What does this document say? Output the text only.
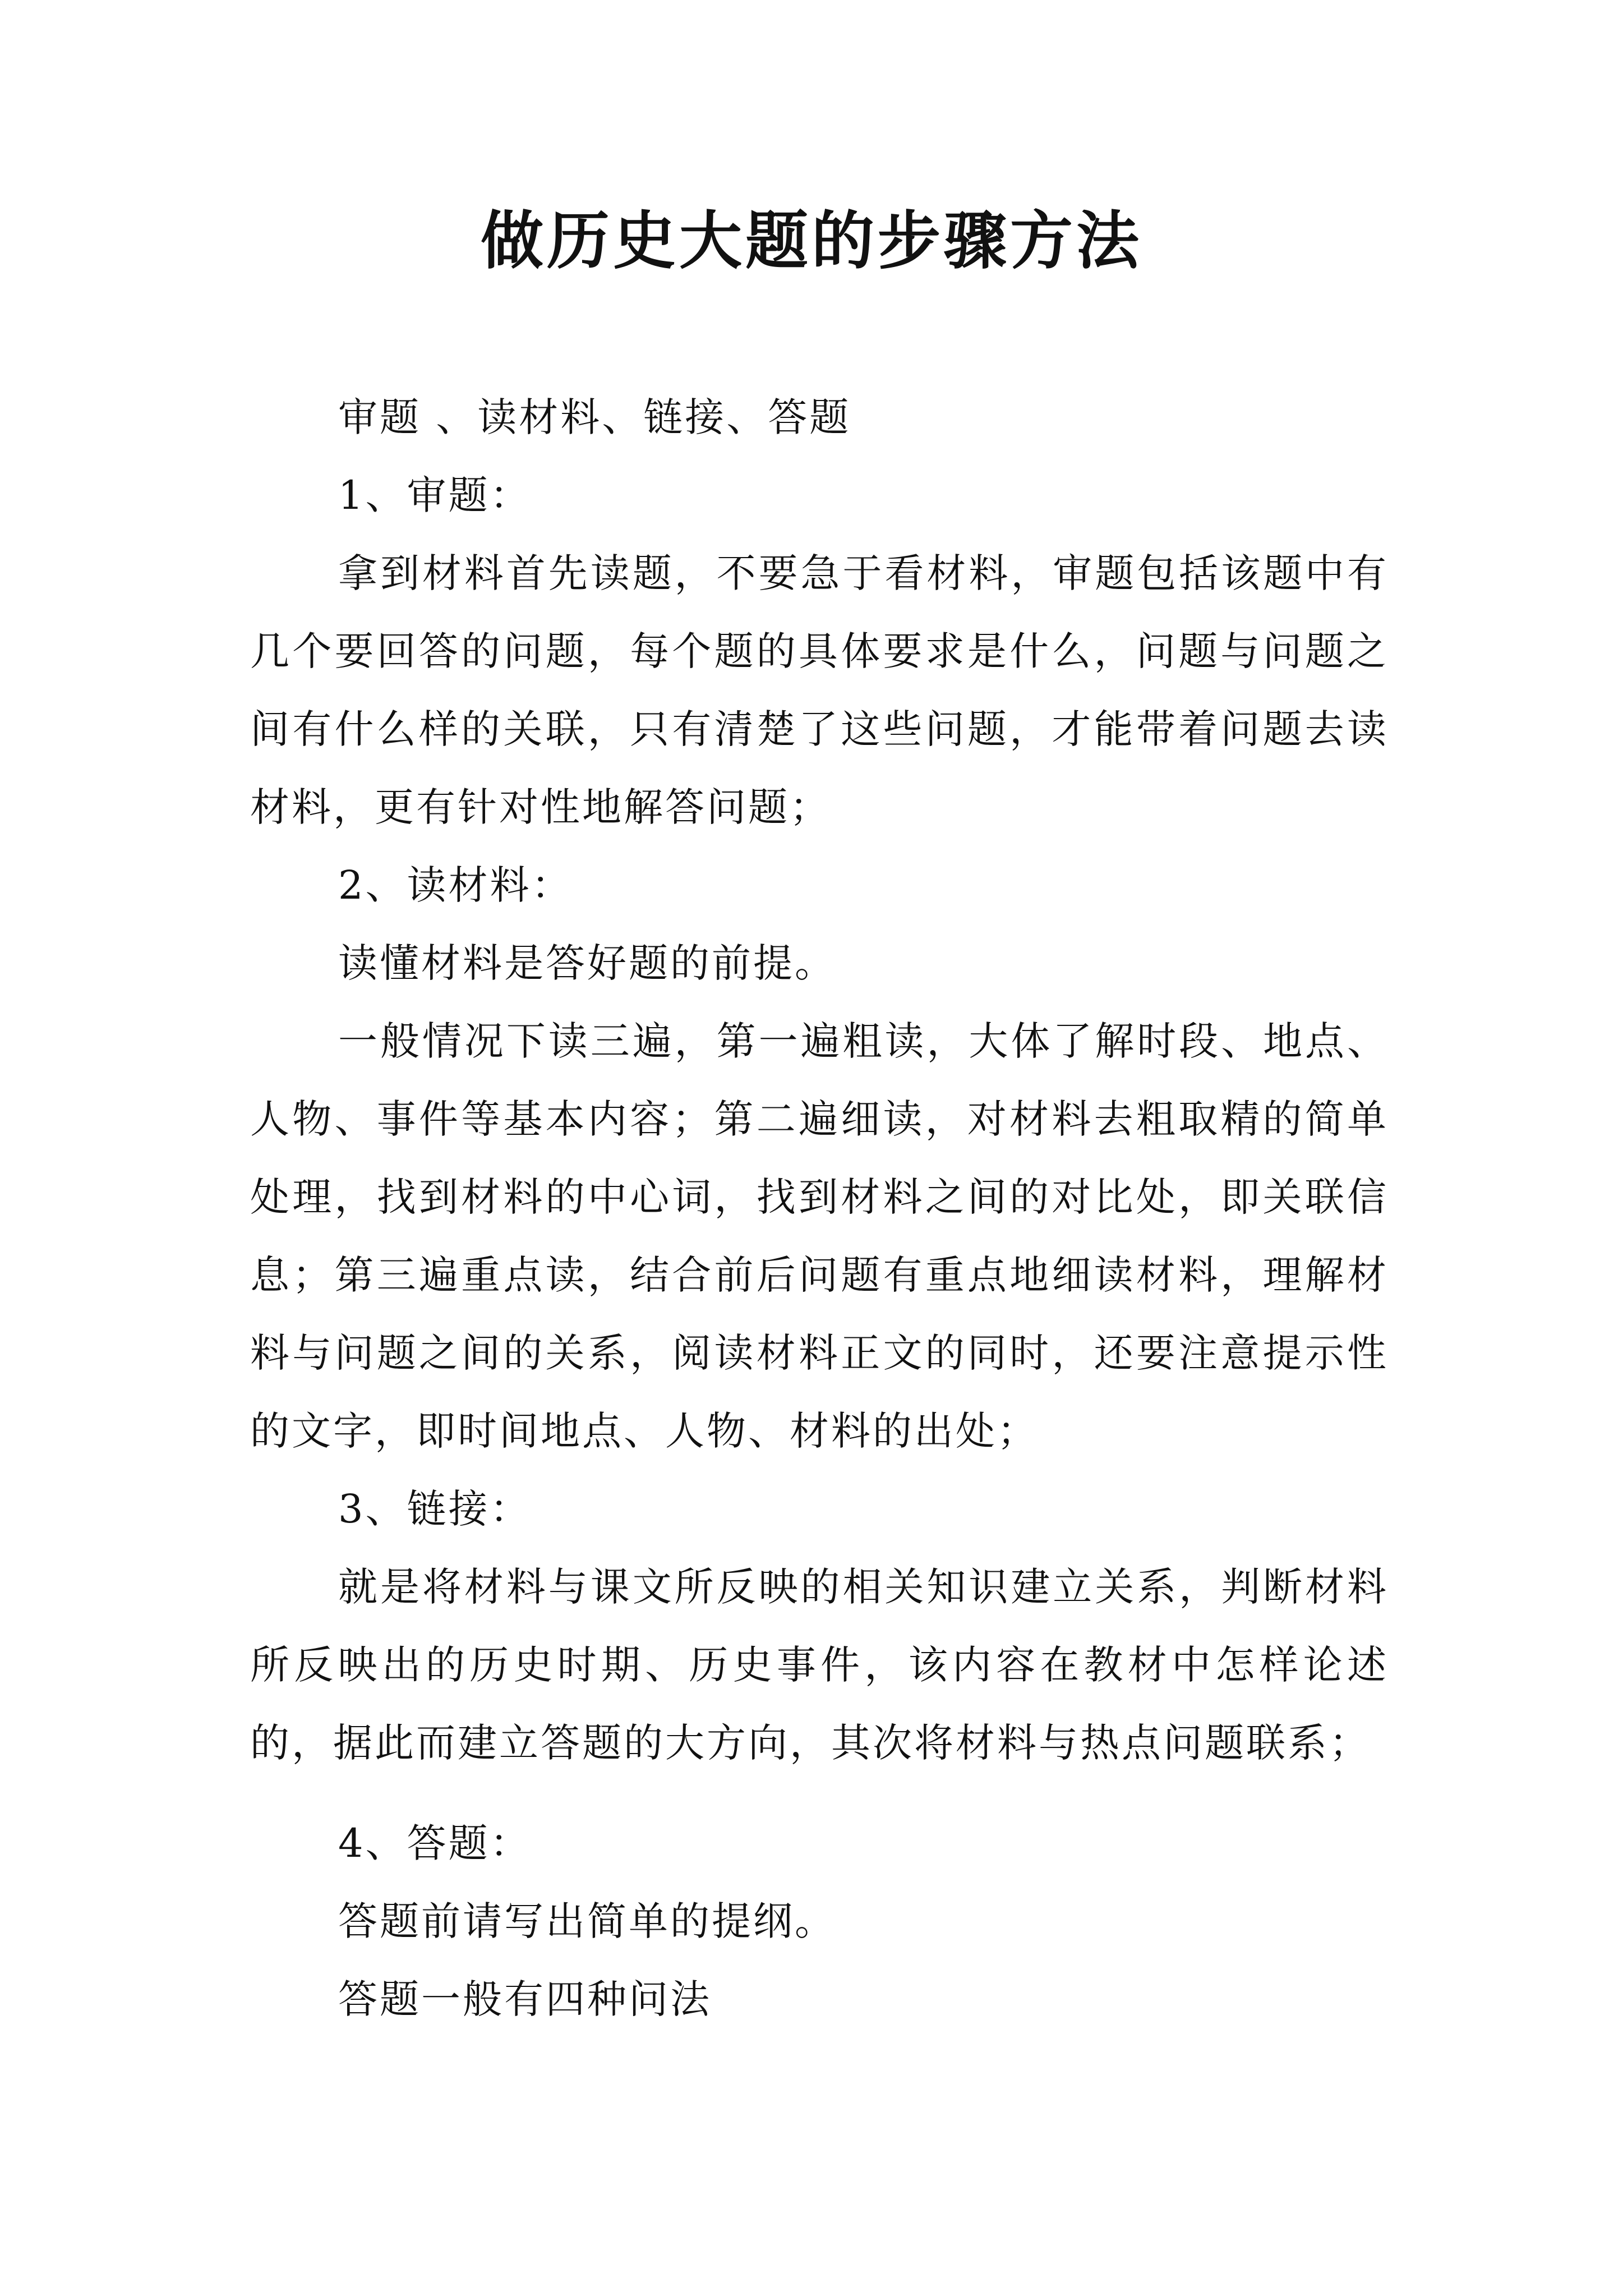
做历史大题的步骤方法

审题 、读材料、链接、答题

1、审题：

拿到材料首先读题，不要急于看材料，审题包括该题中有几个要回答的问题，每个题的具体要求是什么，问题与问题之间有什么样的关联，只有清楚了这些问题，才能带着问题去读材料，更有针对性地解答问题；

2、读材料：

读懂材料是答好题的前提。

一般情况下读三遍，第一遍粗读，大体了解时段、地点、人物、事件等基本内容；第二遍细读，对材料去粗取精的简单处理，找到材料的中心词，找到材料之间的对比处，即关联信息；第三遍重点读，结合前后问题有重点地细读材料，理解材料与问题之间的关系，阅读材料正文的同时，还要注意提示性的文字，即时间地点、人物、材料的出处；

3、链接：

就是将材料与课文所反映的相关知识建立关系，判断材料所反映出的历史时期、历史事件，该内容在教材中怎样论述的，据此而建立答题的大方向，其次将材料与热点问题联系；

4、答题：

答题前请写出简单的提纲。

答题一般有四种问法
